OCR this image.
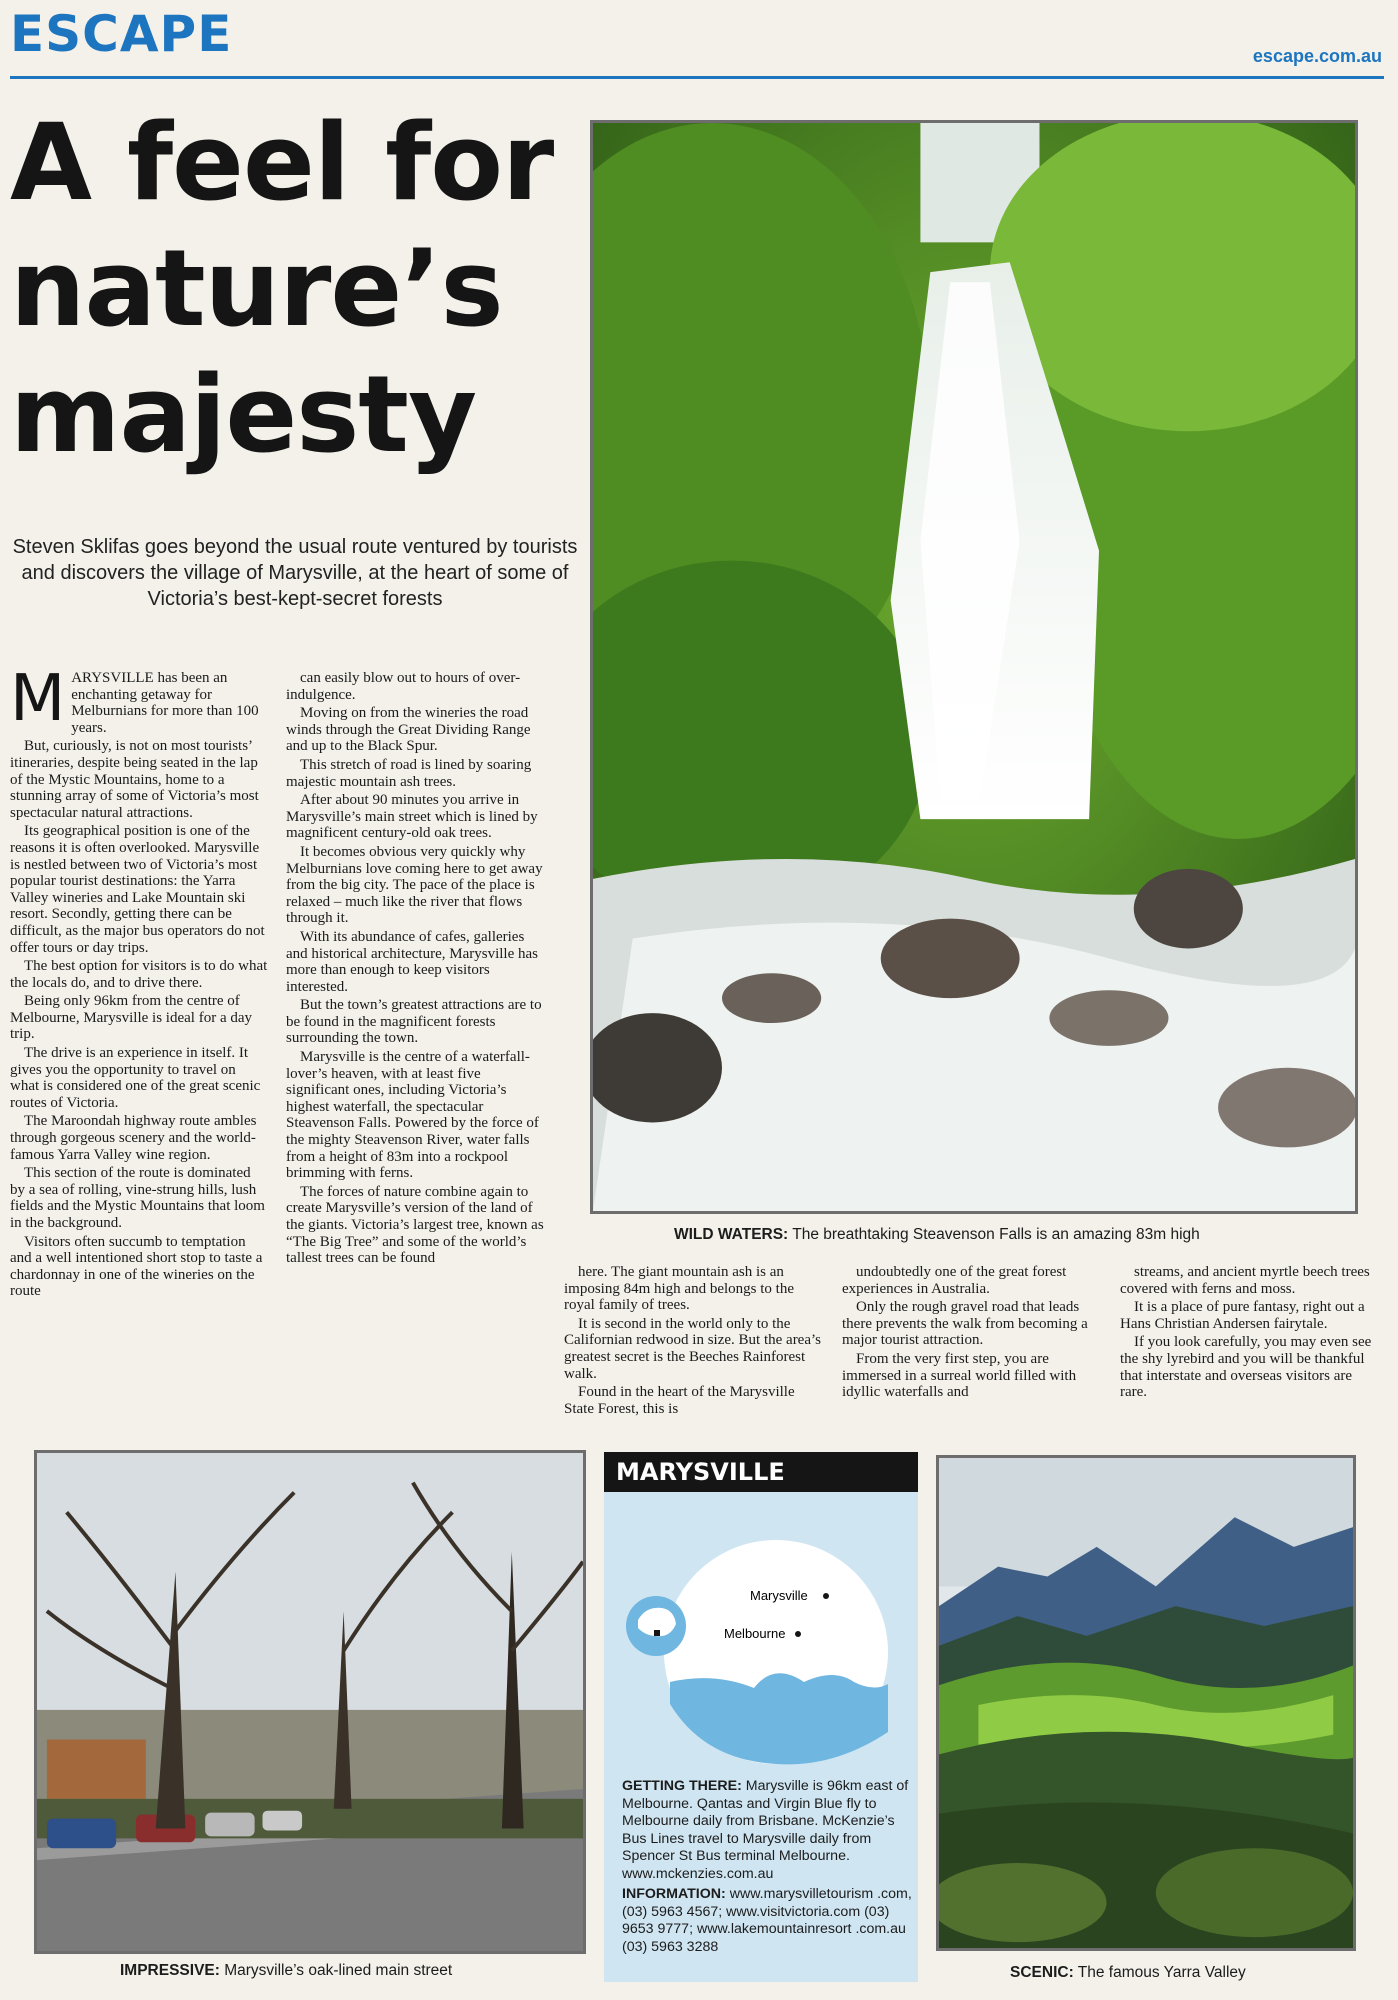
ESCAPE	escape.com.au
A feel for
nature’s
majesty
Steven Sklifas goes beyond the usual route ventured by tourists and discovers the village of Marysville, at the heart of some of Victoria’s best-kept-secret forests
M ARYSVILLE has been an enchanting getaway for Melburnians for more than 100 years.

But, curiously, is not on most tourists’ itineraries, despite being seated in the lap of the Mystic Mountains, home to a stunning array of some of Victoria’s most spectacular natural attractions.

Its geographical position is one of the reasons it is often overlooked. Marysville is nestled between two of Victoria’s most popular tourist destinations: the Yarra Valley wineries and Lake Mountain ski resort. Secondly, getting there can be difficult, as the major bus operators do not offer tours or day trips.

The best option for visitors is to do what the locals do, and to drive there.

Being only 96km from the centre of Melbourne, Marysville is ideal for a day trip.

The drive is an experience in itself. It gives you the opportunity to travel on what is considered one of the great scenic routes of Victoria.

The Maroondah highway route ambles through gorgeous scenery and the world-famous Yarra Valley wine region.

This section of the route is dominated by a sea of rolling, vine-strung hills, lush fields and the Mystic Mountains that loom in the background.

Visitors often succumb to temptation and a well intentioned short stop to taste a chardonnay in one of the wineries on the route

can easily blow out to hours of over-indulgence.

Moving on from the wineries the road winds through the Great Dividing Range and up to the Black Spur.

This stretch of road is lined by soaring majestic mountain ash trees.

After about 90 minutes you arrive in Marysville’s main street which is lined by magnificent century-old oak trees.

It becomes obvious very quickly why Melburnians love coming here to get away from the big city. The pace of the place is relaxed – much like the river that flows through it.

With its abundance of cafes, galleries and historical architecture, Marysville has more than enough to keep visitors interested.

But the town’s greatest attractions are to be found in the magnificent forests surrounding the town.

Marysville is the centre of a waterfall-lover’s heaven, with at least five significant ones, including Victoria’s highest waterfall, the spectacular Steavenson Falls. Powered by the force of the mighty Steavenson River, water falls from a height of 83m into a rockpool brimming with ferns.

The forces of nature combine again to create Marysville’s version of the land of the giants. Victoria’s largest tree, known as “The Big Tree” and some of the world’s tallest trees can be found

here. The giant mountain ash is an imposing 84m high and belongs to the royal family of trees.

It is second in the world only to the Californian redwood in size. But the area’s greatest secret is the Beeches Rainforest walk.

Found in the heart of the Marysville State Forest, this is

undoubtedly one of the great forest experiences in Australia.

Only the rough gravel road that leads there prevents the walk from becoming a major tourist attraction.

From the very first step, you are immersed in a surreal world filled with idyllic waterfalls and

streams, and ancient myrtle beech trees covered with ferns and moss.

It is a place of pure fantasy, right out a Hans Christian Andersen fairytale.

If you look carefully, you may even see the shy lyrebird and you will be thankful that interstate and overseas visitors are rare.

WILD WATERS: The breathtaking Steavenson Falls is an amazing 83m high
IMPRESSIVE: Marysville’s oak-lined main street
MARYSVILLE
Marysville
Melbourne

GETTING THERE: Marysville is 96km east of Melbourne. Qantas and Virgin Blue fly to Melbourne daily from Brisbane. McKenzie’s Bus Lines travel to Marysville daily from Spencer St Bus terminal Melbourne. www.mckenzies.com.au

INFORMATION: www.marysvilletourism .com, (03) 5963 4567; www.visitvictoria.com (03) 9653 9777; www.lakemountainresort .com.au (03) 5963 3288

SCENIC: The famous Yarra Valley
